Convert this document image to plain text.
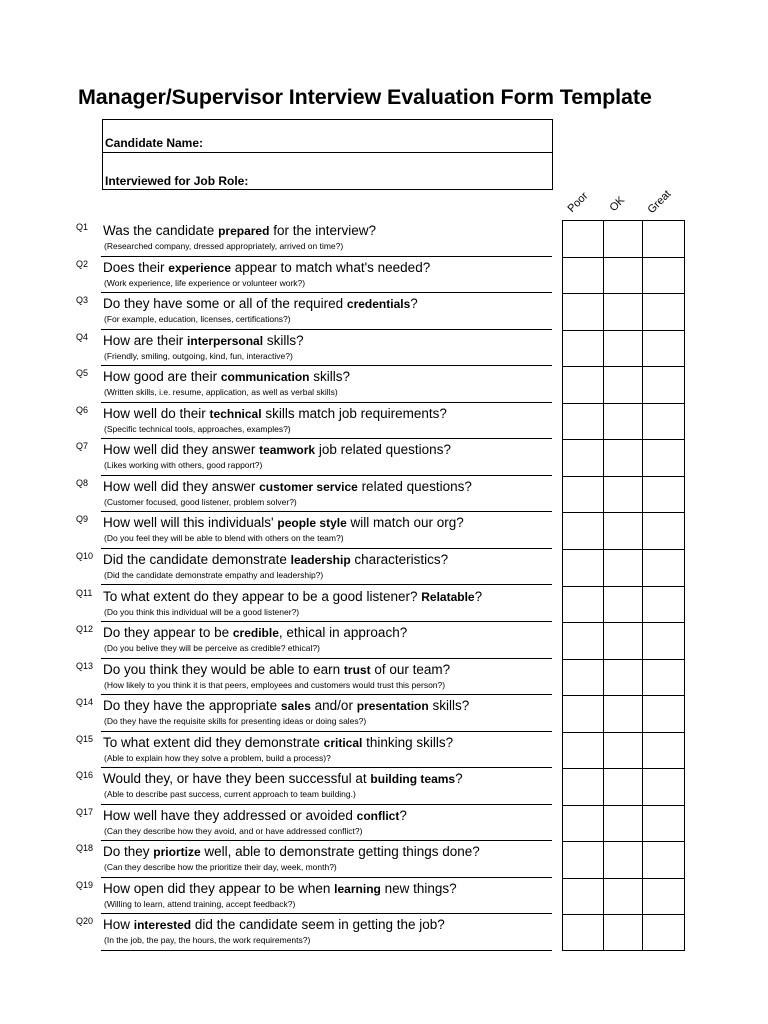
Manager/Supervisor Interview Evaluation Form Template
Candidate Name:
Interviewed for Job Role:
Poor OK Great
Q1 Was the candidate prepared for the interview?
(Researched company, dressed appropriately, arrived on time?)
Q2 Does their experience appear to match what's needed?
(Work experience, life experience or volunteer work?)
Q3 Do they have some or all of the required credentials?
(For example, education, licenses, certifications?)
Q4 How are their interpersonal skills?
(Friendly, smiling, outgoing, kind, fun, interactive?)
Q5 How good are their communication skills?
(Written skills, i.e. resume, application, as well as verbal skills)
Q6 How well do their technical skills match job requirements?
(Specific technical tools, approaches, examples?)
Q7 How well did they answer teamwork job related questions?
(Likes working with others, good rapport?)
Q8 How well did they answer customer service related questions?
(Customer focused, good listener, problem solver?)
Q9 How well will this individuals' people style will match our org?
(Do you feel they will be able to blend with others on the team?)
Q10 Did the candidate demonstrate leadership characteristics?
(Did the candidate demonstrate empathy and leadership?)
Q11 To what extent do they appear to be a good listener? Relatable?
(Do you think this individual will be a good listener?)
Q12 Do they appear to be credible, ethical in approach?
(Do you belive they will be perceive as credible? ethical?)
Q13 Do you think they would be able to earn trust of our team?
(How likely to you think it is that peers, employees and customers would trust this person?)
Q14 Do they have the appropriate sales and/or presentation skills?
(Do they have the requisite skills for presenting ideas or doing sales?)
Q15 To what extent did they demonstrate critical thinking skills?
(Able to explain how they solve a problem, build a process)?
Q16 Would they, or have they been successful at building teams?
(Able to describe past success, current approach to team building.)
Q17 How well have they addressed or avoided conflict?
(Can they describe how they avoid, and or have addressed conflict?)
Q18 Do they priortize well, able to demonstrate getting things done?
(Can they describe how the prioritize their day, week, month?)
Q19 How open did they appear to be when learning new things?
(Willing to learn, attend training, accept feedback?)
Q20 How interested did the candidate seem in getting the job?
(In the job, the pay, the hours, the work requirements?)
